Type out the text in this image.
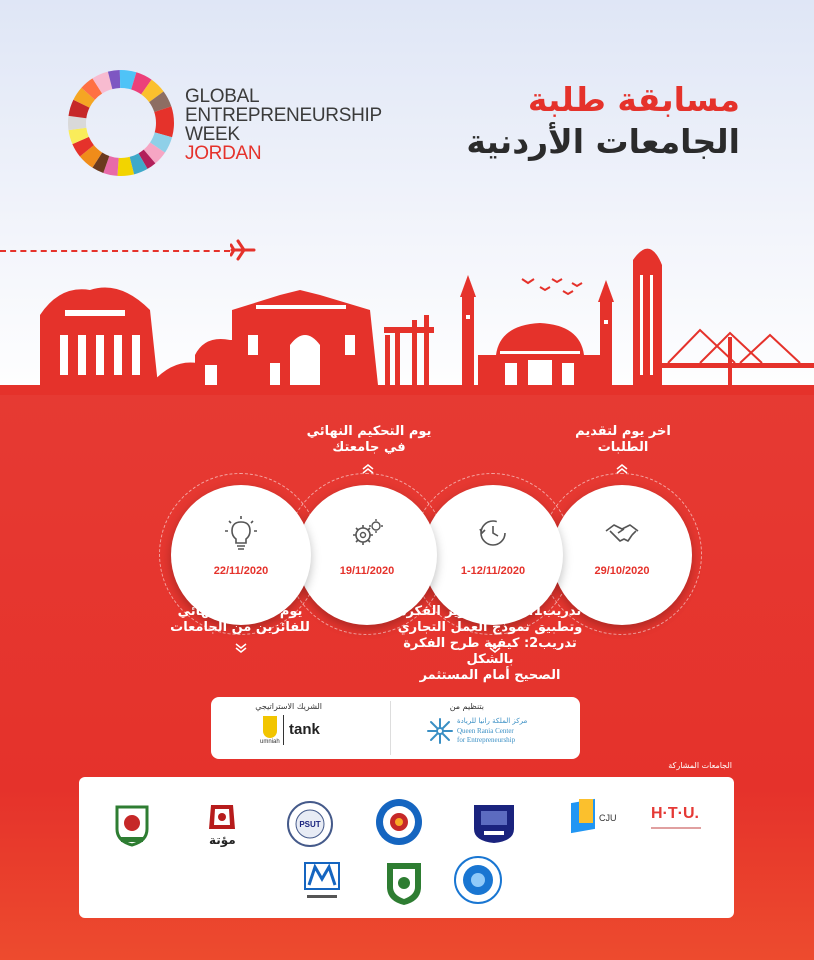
GLOBAL
ENTREPRENEURSHIP
WEEK
JORDAN
مسابقة طلبة
الجامعات الأردنية
29/10/2020
1-12/11/2020
19/11/2020
22/11/2020
اخر يوم لتقديم
الطلبات
تدريب1: كيفية تطوير الفكرة
وتطبيق نموذج العمل التجاري
تدريب2: كيفية طرح الفكرة بالشكل
الصحيح أمام المستثمر
يوم التحكيم النهائي
في جامعتك
يوم التحكيم النهائي
للفائزين من الجامعات
الشريك الاستراتيجي	بتنظيم من
umniah
tank	مركز الملكة رانيا للريادة
Queen Rania Center
for Entrepreneurship
الجامعات المشاركة
مؤتة
PSUT
CJU H·T·U.
